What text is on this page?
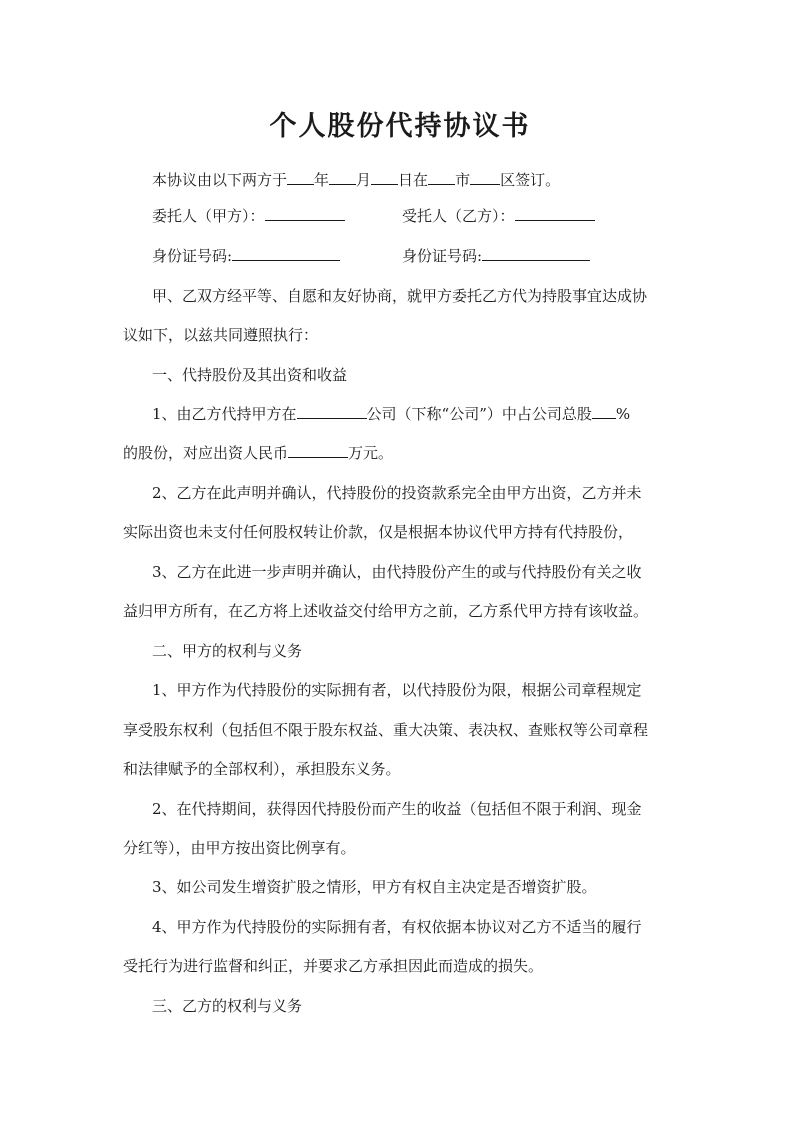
个人股份代持协议书

本协议由以下两方于 年 月 日在 市 区签订。

委托人（甲方）：	受托人（乙方）：

身份证号码:	身份证号码:

甲、乙双方经平等、自愿和友好协商，就甲方委托乙方代为持股事宜达成协

议如下，以兹共同遵照执行：

一、代持股份及其出资和收益

1、由乙方代持甲方在	公司（下称“公司”）中占公司总股 %

的股份，对应出资人民币	万元。

2、乙方在此声明并确认，代持股份的投资款系完全由甲方出资，乙方并未

实际出资也未支付任何股权转让价款，仅是根据本协议代甲方持有代持股份，

3、乙方在此进一步声明并确认，由代持股份产生的或与代持股份有关之收

益归甲方所有，在乙方将上述收益交付给甲方之前，乙方系代甲方持有该收益。

二、甲方的权利与义务

1、甲方作为代持股份的实际拥有者，以代持股份为限，根据公司章程规定

享受股东权利（包括但不限于股东权益、重大决策、表决权、查账权等公司章程

和法律赋予的全部权利），承担股东义务。

2、在代持期间，获得因代持股份而产生的收益（包括但不限于利润、现金

分红等），由甲方按出资比例享有。

3、如公司发生增资扩股之情形，甲方有权自主决定是否增资扩股。

4、甲方作为代持股份的实际拥有者，有权依据本协议对乙方不适当的履行

受托行为进行监督和纠正，并要求乙方承担因此而造成的损失。

三、乙方的权利与义务
